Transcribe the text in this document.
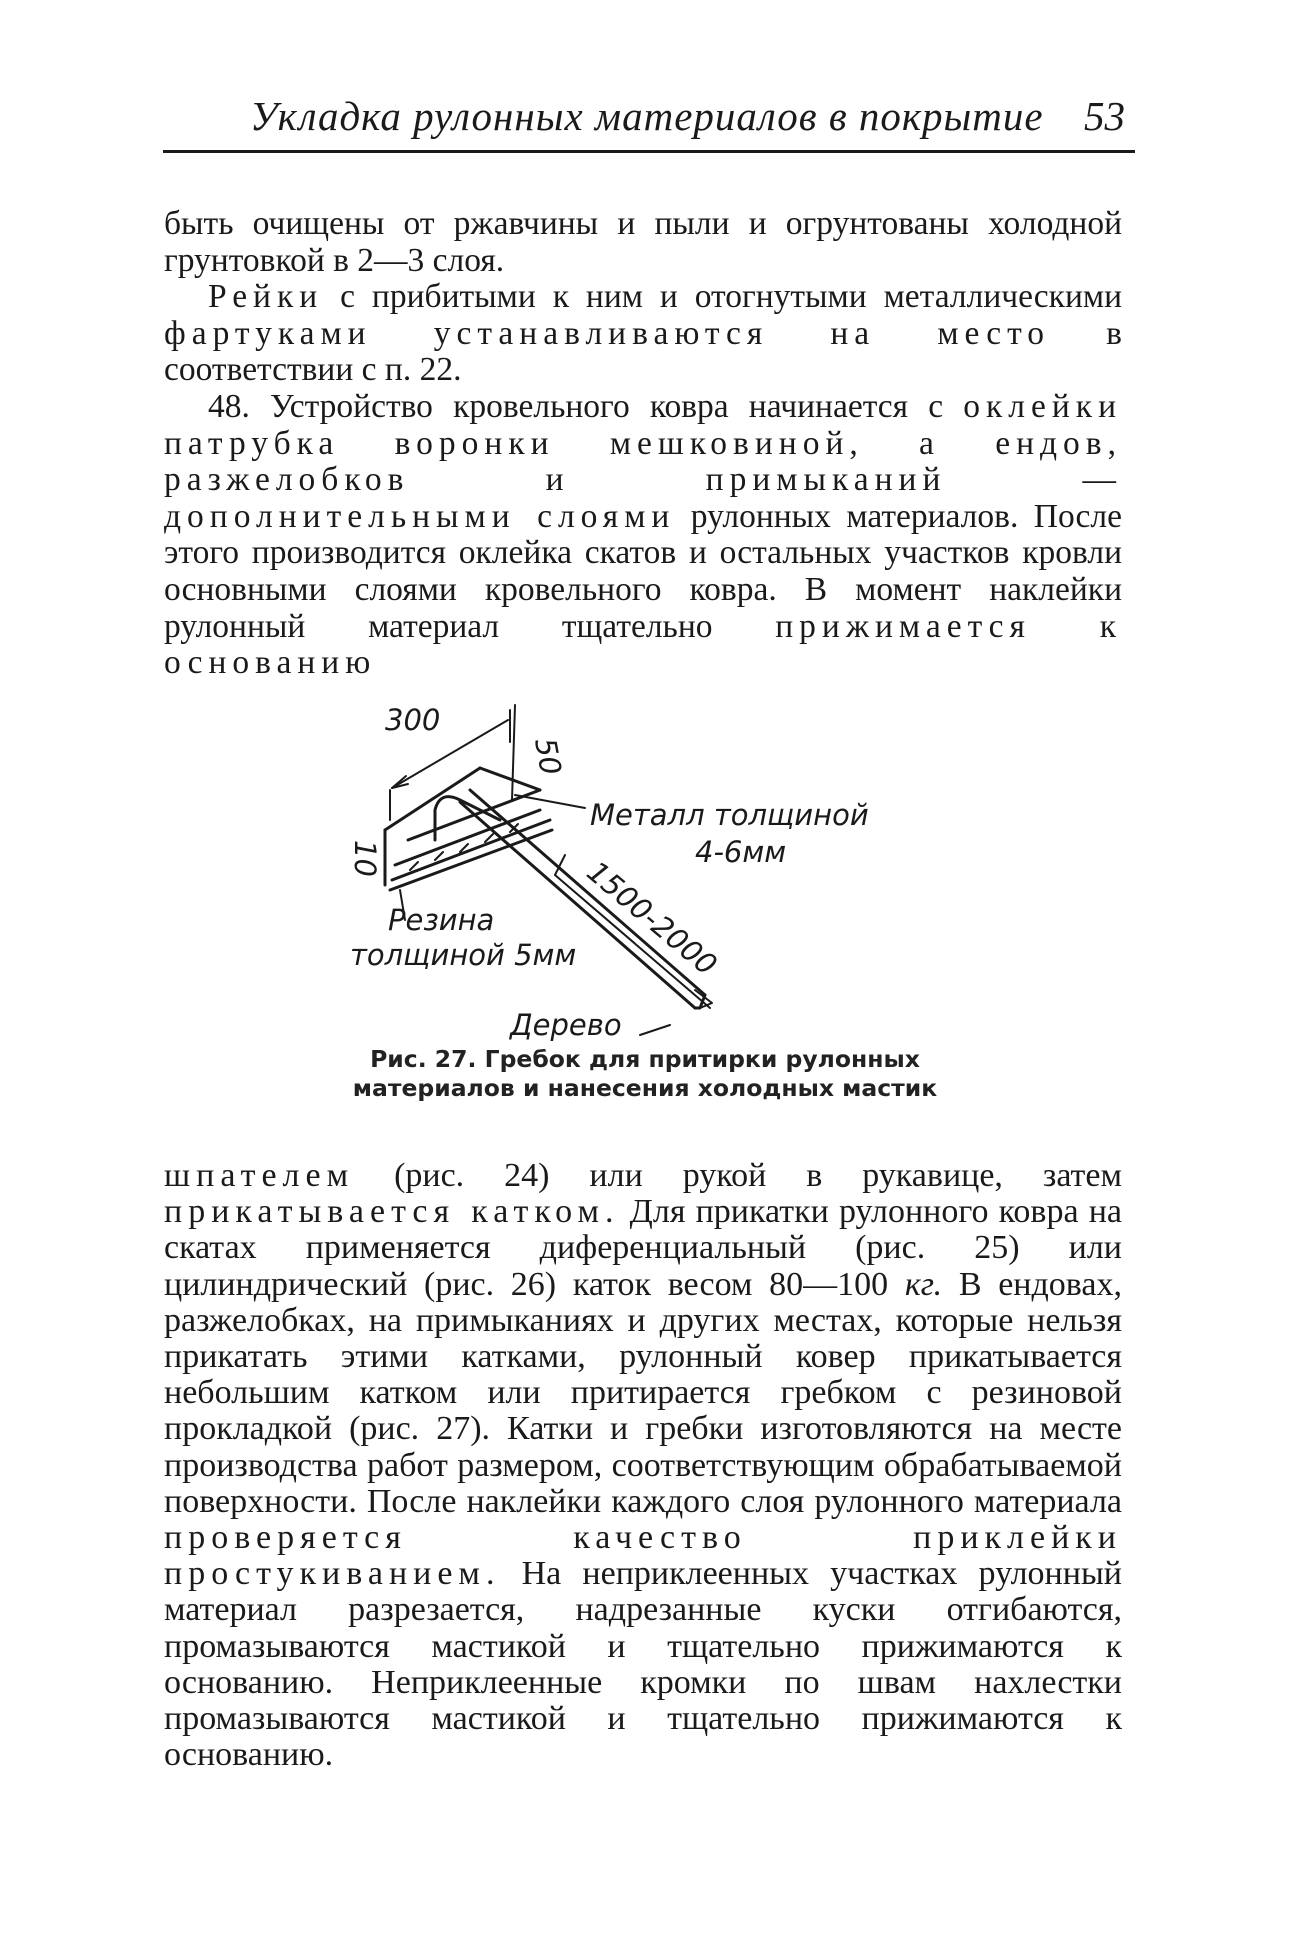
Укладка рулонных материалов в покрытие 53

быть очищены от ржавчины и пыли и огрунтованы холодной грунтовкой в 2—3 слоя.

Рейки с прибитыми к ним и отогнутыми металлическими фартуками устанавливаются на место в соответствии с п. 22.

48. Устройство кровельного ковра начинается с оклейки патрубка воронки мешковиной, а ендов, разжелобков и примыканий — дополнительными слоями рулонных материалов. После этого производится оклейка скатов и остальных участков кровли основными слоями кровельного ковра. В момент наклейки рулонный материал тщательно прижимается к основанию

300
50
10
Металл толщиной
4-6мм
1500-2000
Резина
толщиной 5мм
Дерево

Рис. 27. Гребок для притирки рулонных

материалов и нанесения холодных мастик

шпателем (рис. 24) или рукой в рукавице, затем прикатывается катком. Для прикатки рулонного ковра на скатах применяется диференциальный (рис. 25) или цилиндрический (рис. 26) каток весом 80—100 кг. В ендовах, разжелобках, на примыканиях и других местах, которые нельзя прикатать этими катками, рулонный ковер прикатывается небольшим катком или притирается гребком с резиновой прокладкой (рис. 27). Катки и гребки изготовляются на месте производства работ размером, соответствующим обрабатываемой поверхности. После наклейки каждого слоя рулонного материала проверяется качество приклейки простукиванием. На неприклеенных участках рулонный материал разрезается, надрезанные куски отгибаются, промазываются мастикой и тщательно прижимаются к основанию. Неприклеенные кромки по швам нахлестки промазываются мастикой и тщательно прижимаются к основанию.
